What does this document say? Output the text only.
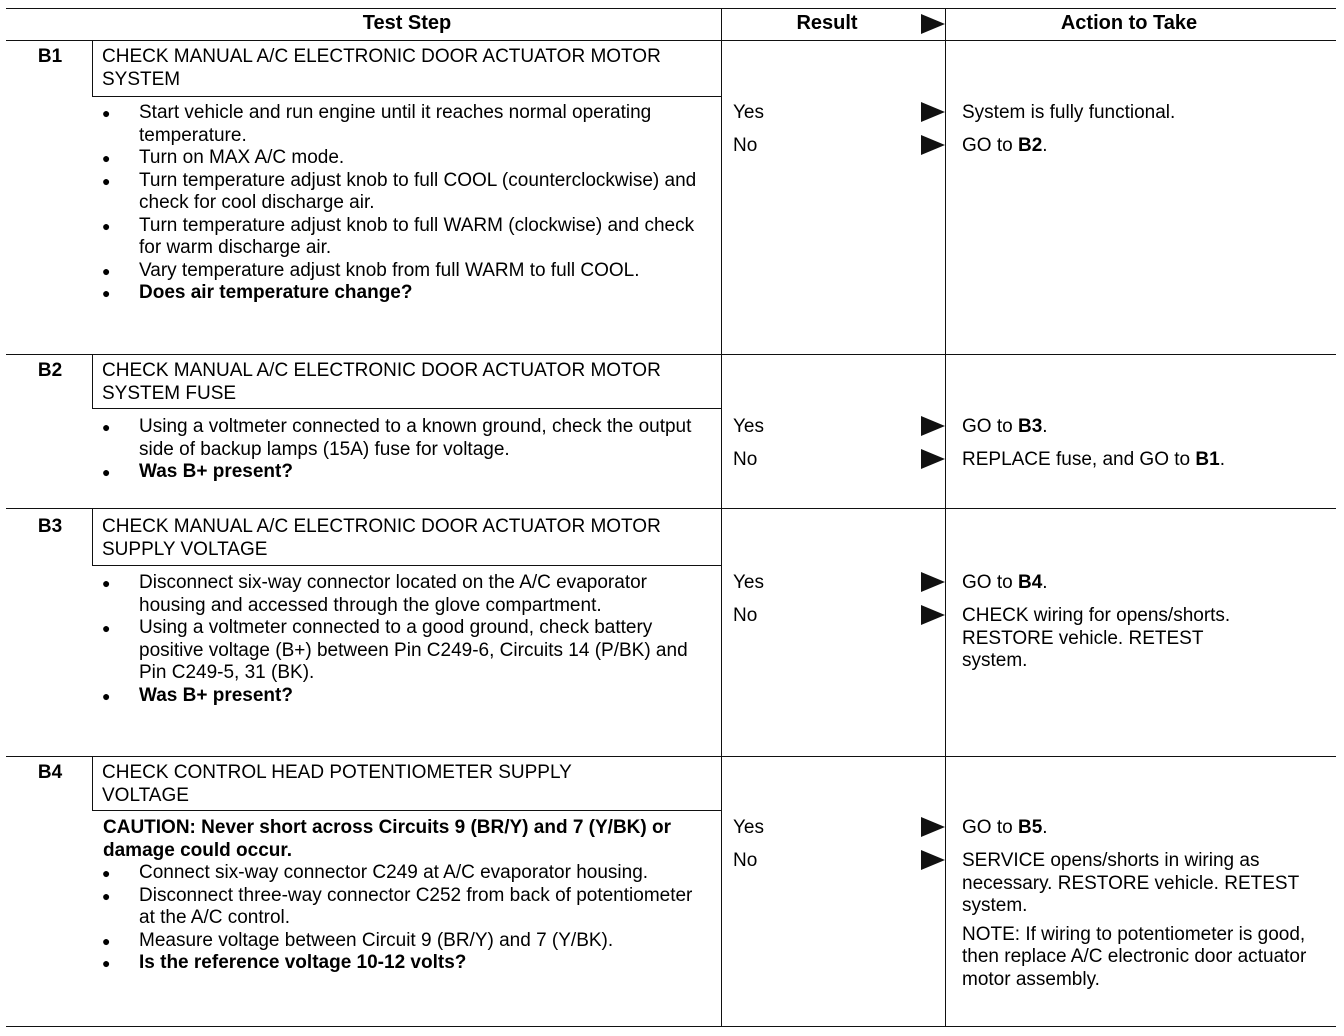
Test Step	Result	Action to Take
B1	CHECK MANUAL A/C ELECTRONIC DOOR ACTUATOR MOTOR SYSTEM
● Start vehicle and run engine until it reaches normal operating temperature.
● Turn on MAX A/C mode.
● Turn temperature adjust knob to full COOL (counterclockwise) and check for cool discharge air.
● Turn temperature adjust knob to full WARM (clockwise) and check for warm discharge air.
● Vary temperature adjust knob from full WARM to full COOL.
● Does air temperature change?
Yes	System is fully functional.
No	GO to B2.
B2	CHECK MANUAL A/C ELECTRONIC DOOR ACTUATOR MOTOR SYSTEM FUSE
● Using a voltmeter connected to a known ground, check the output side of backup lamps (15A) fuse for voltage.
● Was B+ present?
Yes	GO to B3.
No	REPLACE fuse, and GO to B1.
B3	CHECK MANUAL A/C ELECTRONIC DOOR ACTUATOR MOTOR SUPPLY VOLTAGE
● Disconnect six-way connector located on the A/C evaporator housing and accessed through the glove compartment.
● Using a voltmeter connected to a good ground, check battery positive voltage (B+) between Pin C249-6, Circuits 14 (P/BK) and Pin C249-5, 31 (BK).
● Was B+ present?
Yes	GO to B4.
No	CHECK wiring for opens/shorts. RESTORE vehicle. RETEST system.
B4	CHECK CONTROL HEAD POTENTIOMETER SUPPLY VOLTAGE
CAUTION: Never short across Circuits 9 (BR/Y) and 7 (Y/BK) or damage could occur.
● Connect six-way connector C249 at A/C evaporator housing.
● Disconnect three-way connector C252 from back of potentiometer at the A/C control.
● Measure voltage between Circuit 9 (BR/Y) and 7 (Y/BK).
● Is the reference voltage 10-12 volts?
Yes	GO to B5.
No	SERVICE opens/shorts in wiring as necessary. RESTORE vehicle. RETEST system.
NOTE: If wiring to potentiometer is good, then replace A/C electronic door actuator motor assembly.
